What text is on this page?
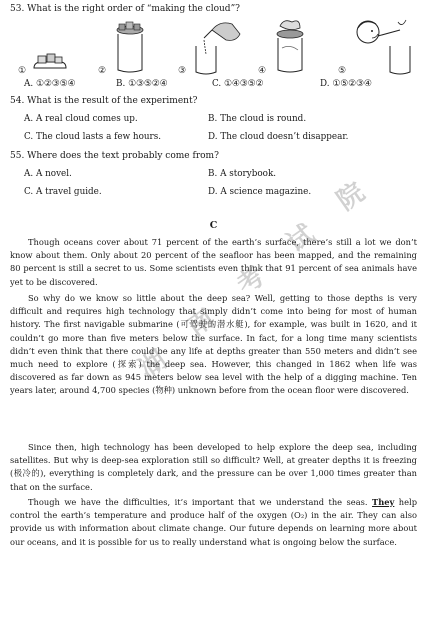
53. What is the right order of “making the cloud”?
①	②	③	④	⑤
A. ①②③⑤④	B. ①③⑤②④	C. ①④③⑤②	D. ①⑤②③④
54. What is the result of the experiment?
A. A real cloud comes up.	B. The cloud is round.
C. The cloud lasts a few hours.	D. The cloud doesn’t disappear.
55. Where does the text probably come from?
A. A novel.	B. A storybook.
C. A travel guide.	D. A science magazine.
C
Though oceans cover about 71 percent of the earth’s surface, there’s still a lot we don’t know about them. Only about 20 percent of the seafloor has been mapped, and the remaining 80 percent is still a secret to us. Some scientists even think that 91 percent of sea animals have yet to be discovered.
So why do we know so little about the deep sea? Well, getting to those depths is very difficult and requires high technology that simply didn’t come into being for most of human history. The first navigable submarine (可驾驶的潜水艇), for example, was built in 1620, and it couldn’t go more than five meters below the surface. In fact, for a long time many scientists didn’t even think that there could be any life at depths greater than 550 meters and didn’t see much need to explore (探索) the deep sea. However, this changed in 1862 when life was discovered as far down as 945 meters below sea level with the help of a digging machine. Ten years later, around 4,700 species (物种) unknown before from the ocean floor were discovered.
Since then, high technology has been developed to help explore the deep sea, including satellites. But why is deep-sea exploration still so difficult? Well, at greater depths it is freezing (极冷的), everything is completely dark, and the pressure can be over 1,000 times greater than that on the surface.
Though we have the difficulties, it’s important that we understand the seas. They help control the earth’s temperature and produce half of the oxygen (O₂) in the air. They can also provide us with information about climate change. Our future depends on learning more about our oceans, and it is possible for us to really understand what is ongoing below the surface.
湖
南
考
试
院
